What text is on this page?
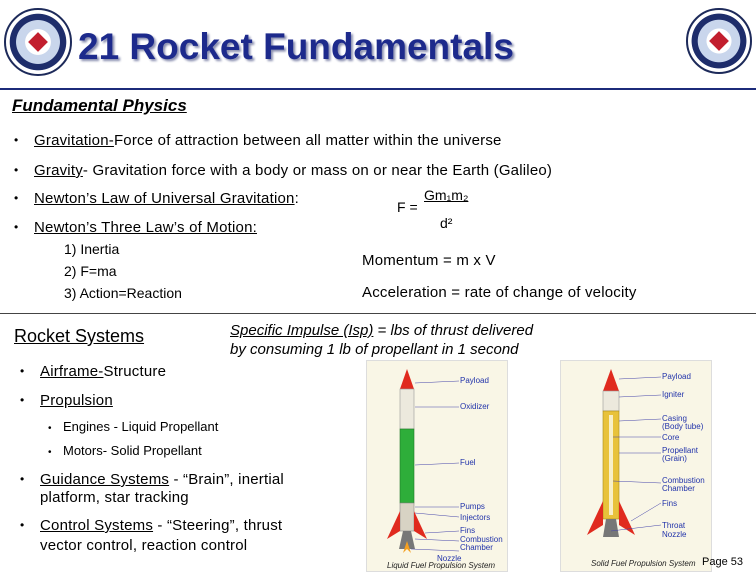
21 Rocket Fundamentals
Fundamental Physics
• Gravitation-Force of attraction between all matter within the universe
• Gravity- Gravitation force with a body or mass on or near the Earth (Galileo)
• Newton’s Law of Universal Gravitation:
• Newton’s Three Law’s of Motion:
1) Inertia
2) F=ma
3) Action=Reaction
F =
Gm₁m₂
d²
Momentum = m x V
Acceleration = rate of change of velocity
Rocket Systems	Specific Impulse (Isp) = lbs of thrust delivered
by consuming 1 lb of propellant in 1 second
• Airframe-Structure
• Propulsion
• Engines - Liquid Propellant
• Motors- Solid Propellant
• Guidance Systems - “Brain”, inertial
platform, star tracking
• Control Systems - “Steering”, thrust
vector control, reaction control
Payload
Oxidizer
Fuel
Pumps
Injectors
Fins
Combustion Chamber
Nozzle
Liquid Fuel Propulsion System
Payload
Igniter
Casing (Body tube)
Core
Propellant (Grain)
Combustion Chamber
Fins
Throat
Nozzle
Solid Fuel Propulsion System Page 53
